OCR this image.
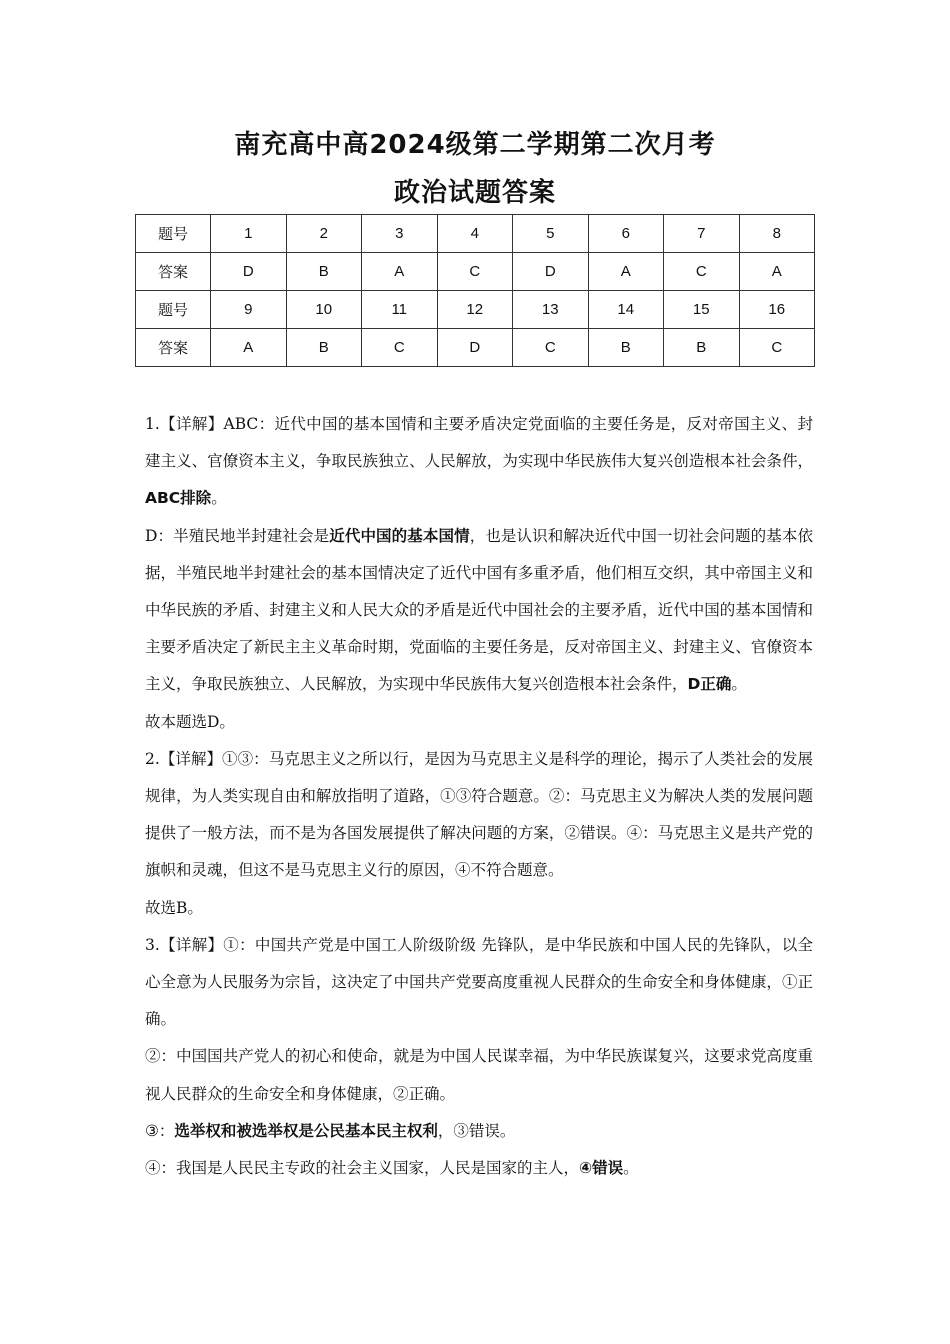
南充高中高2024级第二学期第二次月考
政治试题答案
题号	1	2	3	4	5	6	7	8
答案	D	B	A	C	D	A	C	A
题号	9	10	11	12	13	14	15	16
答案	A	B	C	D	C	B	B	C

1.【详解】ABC：近代中国的基本国情和主要矛盾决定党面临的主要任务是，反对帝国主义、封建主义、官僚资本主义，争取民族独立、人民解放，为实现中华民族伟大复兴创造根本社会条件，ABC排除。

D：半殖民地半封建社会是近代中国的基本国情，也是认识和解决近代中国一切社会问题的基本依据，半殖民地半封建社会的基本国情决定了近代中国有多重矛盾，他们相互交织，其中帝国主义和中华民族的矛盾、封建主义和人民大众的矛盾是近代中国社会的主要矛盾，近代中国的基本国情和主要矛盾决定了新民主主义革命时期，党面临的主要任务是，反对帝国主义、封建主义、官僚资本主义，争取民族独立、人民解放，为实现中华民族伟大复兴创造根本社会条件，D正确。

故本题选D。

2.【详解】①③：马克思主义之所以行，是因为马克思主义是科学的理论，揭示了人类社会的发展规律，为人类实现自由和解放指明了道路，①③符合题意。②：马克思主义为解决人类的发展问题提供了一般方法，而不是为各国发展提供了解决问题的方案，②错误。④：马克思主义是共产党的旗帜和灵魂，但这不是马克思主义行的原因，④不符合题意。

故选B。

3.【详解】①：中国共产党是中国工人阶级阶级 先锋队，是中华民族和中国人民的先锋队，以全心全意为人民服务为宗旨，这决定了中国共产党要高度重视人民群众的生命安全和身体健康，①正确。

②：中国国共产党人的初心和使命，就是为中国人民谋幸福，为中华民族谋复兴，这要求党高度重视人民群众的生命安全和身体健康，②正确。

③：选举权和被选举权是公民基本民主权利，③错误。

④：我国是人民民主专政的社会主义国家，人民是国家的主人，④错误。
